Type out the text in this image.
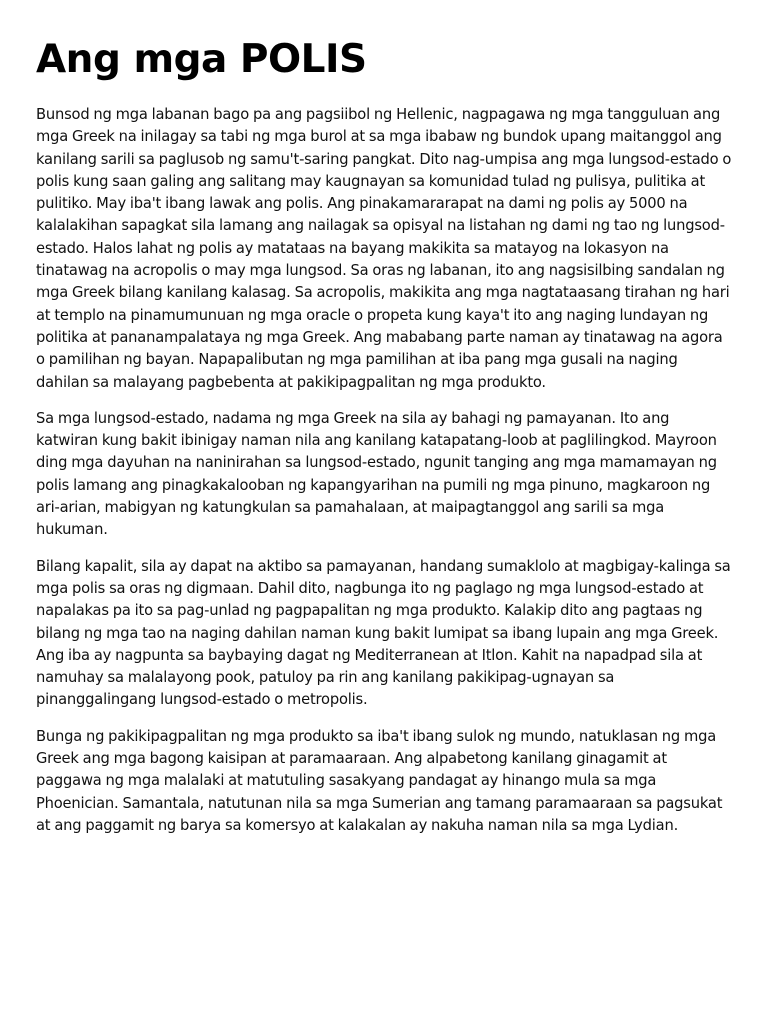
Ang mga POLIS

Bunsod ng mga labanan bago pa ang pagsiibol ng Hellenic, nagpagawa ng mga tangguluan ang mga Greek na inilagay sa tabi ng mga burol at sa mga ibabaw ng bundok upang maitanggol ang kanilang sarili sa paglusob ng samu't-saring pangkat. Dito nag-umpisa ang mga lungsod-estado o polis kung saan galing ang salitang may kaugnayan sa komunidad tulad ng pulisya, pulitika at pulitiko. May iba't ibang lawak ang polis. Ang pinakamararapat na dami ng polis ay 5000 na kalalakihan sapagkat sila lamang ang nailagak sa opisyal na listahan ng dami ng tao ng lungsod-estado. Halos lahat ng polis ay matataas na bayang makikita sa matayog na lokasyon na tinatawag na acropolis o may mga lungsod. Sa oras ng labanan, ito ang nagsisilbing sandalan ng mga Greek bilang kanilang kalasag. Sa acropolis, makikita ang mga nagtataasang tirahan ng hari at templo na pinamumunuan ng mga oracle o propeta kung kaya't ito ang naging lundayan ng politika at pananampalataya ng mga Greek. Ang mababang parte naman ay tinatawag na agora o pamilihan ng bayan. Napapalibutan ng mga pamilihan at iba pang mga gusali na naging dahilan sa malayang pagbebenta at pakikipagpalitan ng mga produkto.

Sa mga lungsod-estado, nadama ng mga Greek na sila ay bahagi ng pamayanan. Ito ang katwiran kung bakit ibinigay naman nila ang kanilang katapatang-loob at paglilingkod. Mayroon ding mga dayuhan na naninirahan sa lungsod-estado, ngunit tanging ang mga mamamayan ng polis lamang ang pinagkakalooban ng kapangyarihan na pumili ng mga pinuno, magkaroon ng ari-arian, mabigyan ng katungkulan sa pamahalaan, at maipagtanggol ang sarili sa mga hukuman.

Bilang kapalit, sila ay dapat na aktibo sa pamayanan, handang sumaklolo at magbigay-kalinga sa mga polis sa oras ng digmaan. Dahil dito, nagbunga ito ng paglago ng mga lungsod-estado at napalakas pa ito sa pag-unlad ng pagpapalitan ng mga produkto. Kalakip dito ang pagtaas ng bilang ng mga tao na naging dahilan naman kung bakit lumipat sa ibang lupain ang mga Greek. Ang iba ay nagpunta sa baybaying dagat ng Mediterranean at Itlon. Kahit na napadpad sila at namuhay sa malalayong pook, patuloy pa rin ang kanilang pakikipag-ugnayan sa pinanggalingang lungsod-estado o metropolis.

Bunga ng pakikipagpalitan ng mga produkto sa iba't ibang sulok ng mundo, natuklasan ng mga Greek ang mga bagong kaisipan at paramaaraan. Ang alpabetong kanilang ginagamit at paggawa ng mga malalaki at matutuling sasakyang pandagat ay hinango mula sa mga Phoenician. Samantala, natutunan nila sa mga Sumerian ang tamang paramaaraan sa pagsukat at ang paggamit ng barya sa komersyo at kalakalan ay nakuha naman nila sa mga Lydian.
